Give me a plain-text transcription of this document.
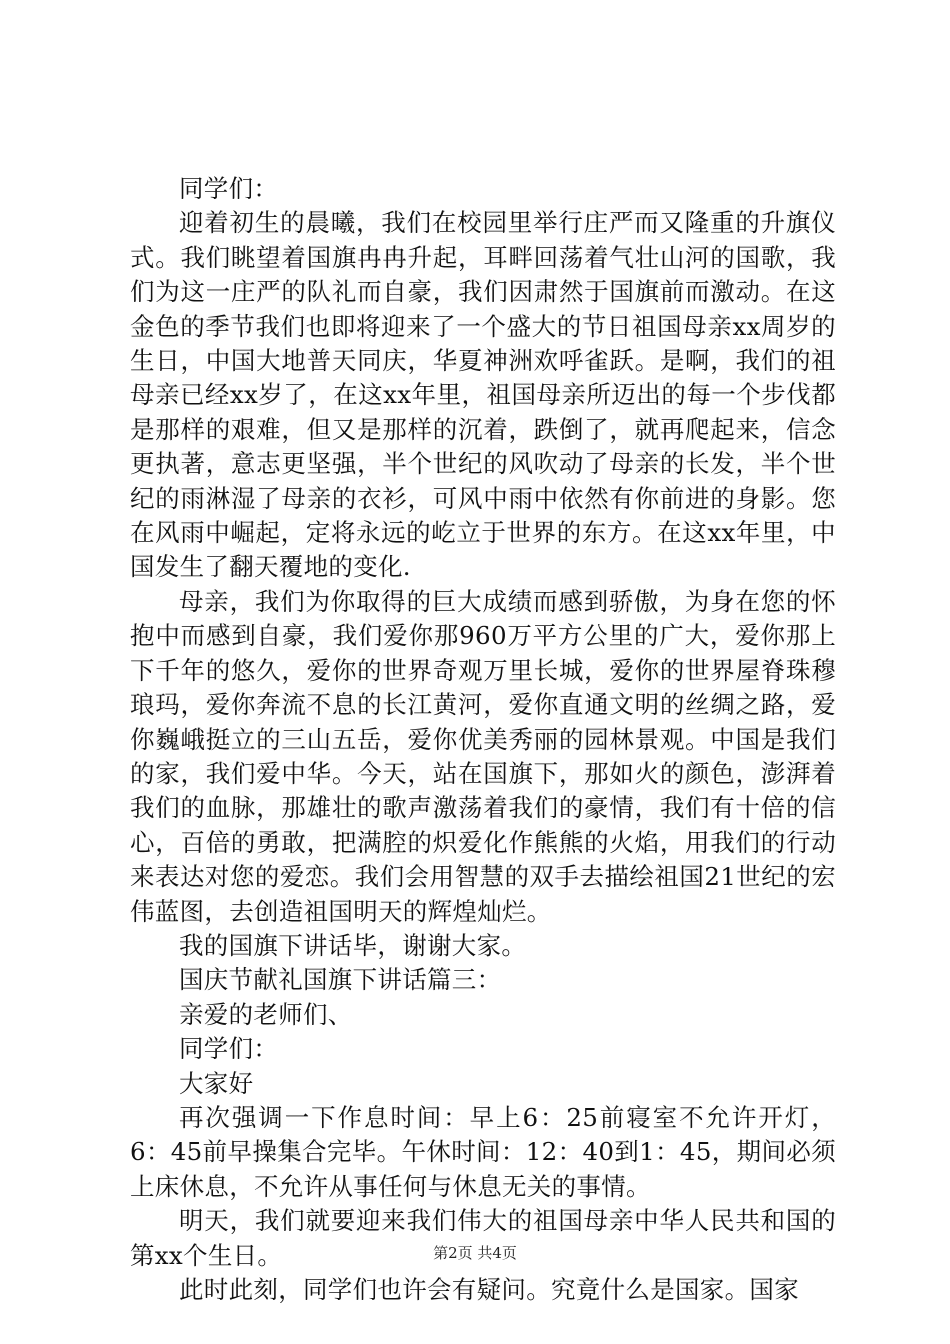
同学们：

迎着初生的晨曦，我们在校园里举行庄严而又隆重的升旗仪式。我们眺望着国旗冉冉升起，耳畔回荡着气壮山河的国歌，我们为这一庄严的队礼而自豪，我们因肃然于国旗前而激动。在这金色的季节我们也即将迎来了一个盛大的节日祖国母亲xx周岁的生日，中国大地普天同庆，华夏神洲欢呼雀跃。是啊，我们的祖母亲已经xx岁了，在这xx年里，祖国母亲所迈出的每一个步伐都是那样的艰难，但又是那样的沉着，跌倒了，就再爬起来，信念更执著，意志更坚强，半个世纪的风吹动了母亲的长发，半个世纪的雨淋湿了母亲的衣衫，可风中雨中依然有你前进的身影。您在风雨中崛起，定将永远的屹立于世界的东方。在这xx年里，中国发生了翻天覆地的变化.

母亲，我们为你取得的巨大成绩而感到骄傲，为身在您的怀抱中而感到自豪，我们爱你那960万平方公里的广大，爱你那上下千年的悠久，爱你的世界奇观万里长城，爱你的世界屋脊珠穆琅玛，爱你奔流不息的长江黄河，爱你直通文明的丝绸之路，爱你巍峨挺立的三山五岳，爱你优美秀丽的园林景观。中国是我们的家，我们爱中华。今天，站在国旗下，那如火的颜色，澎湃着我们的血脉，那雄壮的歌声激荡着我们的豪情，我们有十倍的信心，百倍的勇敢，把满腔的炽爱化作熊熊的火焰，用我们的行动来表达对您的爱恋。我们会用智慧的双手去描绘祖国21世纪的宏伟蓝图，去创造祖国明天的辉煌灿烂。

我的国旗下讲话毕，谢谢大家。

国庆节献礼国旗下讲话篇三：

亲爱的老师们、

同学们：

大家好

再次强调一下作息时间：早上6：25前寝室不允许开灯，6：45前早操集合完毕。午休时间：12：40到1：45，期间必须上床休息，不允许从事任何与休息无关的事情。

明天，我们就要迎来我们伟大的祖国母亲中华人民共和国的第xx个生日。

此时此刻，同学们也许会有疑问。究竟什么是国家。国家

第2页 共4页
